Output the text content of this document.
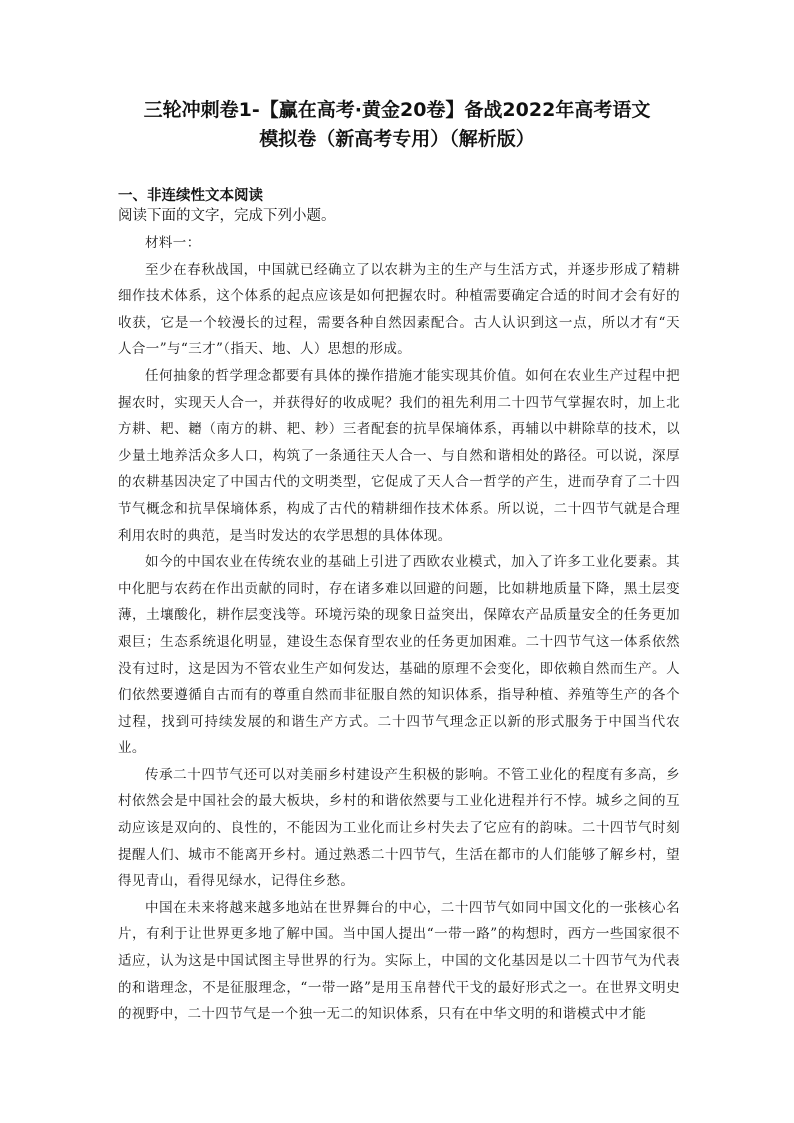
三轮冲刺卷1-【赢在高考·黄金20卷】备战2022年高考语文
模拟卷（新高考专用）（解析版）
一、非连续性文本阅读
阅读下面的文字，完成下列小题。

材料一：

至少在春秋战国，中国就已经确立了以农耕为主的生产与生活方式，并逐步形成了精耕细作技术体系，这个体系的起点应该是如何把握农时。种植需要确定合适的时间才会有好的收获，它是一个较漫长的过程，需要各种自然因素配合。古人认识到这一点，所以才有“天人合一”与“三才”（指天、地、人）思想的形成。

任何抽象的哲学理念都要有具体的操作措施才能实现其价值。如何在农业生产过程中把握农时，实现天人合一，并获得好的收成呢？我们的祖先利用二十四节气掌握农时，加上北方耕、耙、耱（南方的耕、耙、耖）三者配套的抗旱保墒体系，再辅以中耕除草的技术，以少量土地养活众多人口，构筑了一条通往天人合一、与自然和谐相处的路径。可以说，深厚的农耕基因决定了中国古代的文明类型，它促成了天人合一哲学的产生，进而孕育了二十四节气概念和抗旱保墒体系，构成了古代的精耕细作技术体系。所以说，二十四节气就是合理利用农时的典范，是当时发达的农学思想的具体体现。

如今的中国农业在传统农业的基础上引进了西欧农业模式，加入了许多工业化要素。其中化肥与农药在作出贡献的同时，存在诸多难以回避的问题，比如耕地质量下降，黑土层变薄，土壤酸化，耕作层变浅等。环境污染的现象日益突出，保障农产品质量安全的任务更加艰巨；生态系统退化明显，建设生态保育型农业的任务更加困难。二十四节气这一体系依然没有过时，这是因为不管农业生产如何发达，基础的原理不会变化，即依赖自然而生产。人们依然要遵循自古而有的尊重自然而非征服自然的知识体系，指导种植、养殖等生产的各个过程，找到可持续发展的和谐生产方式。二十四节气理念正以新的形式服务于中国当代农业。

传承二十四节气还可以对美丽乡村建设产生积极的影响。不管工业化的程度有多高，乡村依然会是中国社会的最大板块，乡村的和谐依然要与工业化进程并行不悖。城乡之间的互动应该是双向的、良性的，不能因为工业化而让乡村失去了它应有的韵味。二十四节气时刻提醒人们、城市不能离开乡村。通过熟悉二十四节气，生活在都市的人们能够了解乡村，望得见青山，看得见绿水，记得住乡愁。

中国在未来将越来越多地站在世界舞台的中心，二十四节气如同中国文化的一张核心名片，有利于让世界更多地了解中国。当中国人提出“一带一路”的构想时，西方一些国家很不适应，认为这是中国试图主导世界的行为。实际上，中国的文化基因是以二十四节气为代表的和谐理念，不是征服理念，“一带一路”是用玉帛替代干戈的最好形式之一。在世界文明史的视野中，二十四节气是一个独一无二的知识体系，只有在中华文明的和谐模式中才能
